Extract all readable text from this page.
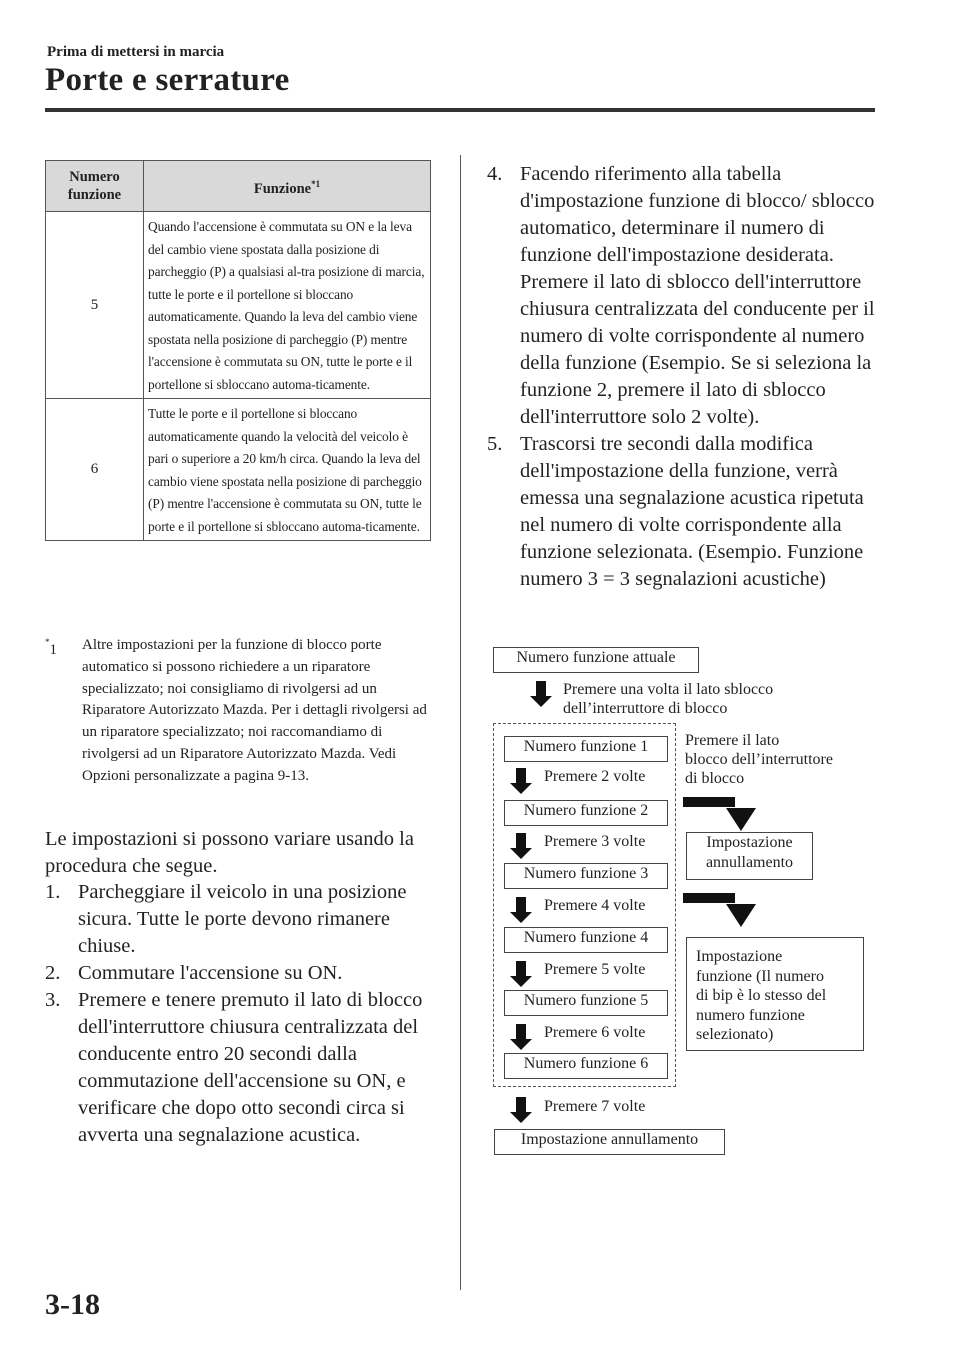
Prima di mettersi in marcia
Porte e serrature
Numero funzione	Funzione$^{*1}$
5	Quando l'accensione è commutata su ON e la leva del cambio viene spostata dalla posizione di parcheggio (P) a qualsiasi al-tra posizione di marcia, tutte le porte e il portellone si bloccano automaticamente. Quando la leva del cambio viene spostata nella posizione di parcheggio (P) mentre l'accensione è commutata su ON, tutte le porte e il portellone si sbloccano automa-ticamente.
6	Tutte le porte e il portellone si bloccano automaticamente quando la velocità del veicolo è pari o superiore a 20 km/h circa. Quando la leva del cambio viene spostata nella posizione di parcheggio (P) mentre l'accensione è commutata su ON, tutte le porte e il portellone si sbloccano automa-ticamente.
*1 Altre impostazioni per la funzione di blocco porte automatico si possono richiedere a un riparatore specializzato; noi consigliamo di rivolgersi ad un Riparatore Autorizzato Mazda. Per i dettagli rivolgersi ad un riparatore specializzato; noi raccomandiamo di rivolgersi ad un Riparatore Autorizzato Mazda. Vedi Opzioni personalizzate a pagina 9-13.
Le impostazioni si possono variare usando la procedura che segue.
1. Parcheggiare il veicolo in una posizione sicura. Tutte le porte devono rimanere chiuse.
2. Commutare l'accensione su ON.
3. Premere e tenere premuto il lato di blocco dell'interruttore chiusura centralizzata del conducente entro 20 secondi dalla commutazione dell'accensione su ON, e verificare che dopo otto secondi circa si avverta una segnalazione acustica.
4. Facendo riferimento alla tabella d'impostazione funzione di blocco/ sblocco automatico, determinare il numero di funzione dell'impostazione desiderata. Premere il lato di sblocco dell'interruttore chiusura centralizzata del conducente per il numero di volte corrispondente al numero della funzione (Esempio. Se si seleziona la funzione 2, premere il lato di sblocco dell'interruttore solo 2 volte).
5. Trascorsi tre secondi dalla modifica dell'impostazione della funzione, verrà emessa una segnalazione acustica ripetuta nel numero di volte corrispondente alla funzione selezionata. (Esempio. Funzione numero 3 = 3 segnalazioni acustiche)
Numero funzione attuale
Premere una volta il lato sblocco
dell’interruttore di blocco
Numero funzione 1
Premere 2 volte
Numero funzione 2
Premere 3 volte
Numero funzione 3
Premere 4 volte
Numero funzione 4
Premere 5 volte
Numero funzione 5
Premere 6 volte
Numero funzione 6
Premere 7 volte
Premere il lato
blocco dell’interruttore
di blocco
Impostazione
annullamento
Impostazione
funzione (Il numero
di bip è lo stesso del
numero funzione
selezionato)
Impostazione annullamento
3-18
